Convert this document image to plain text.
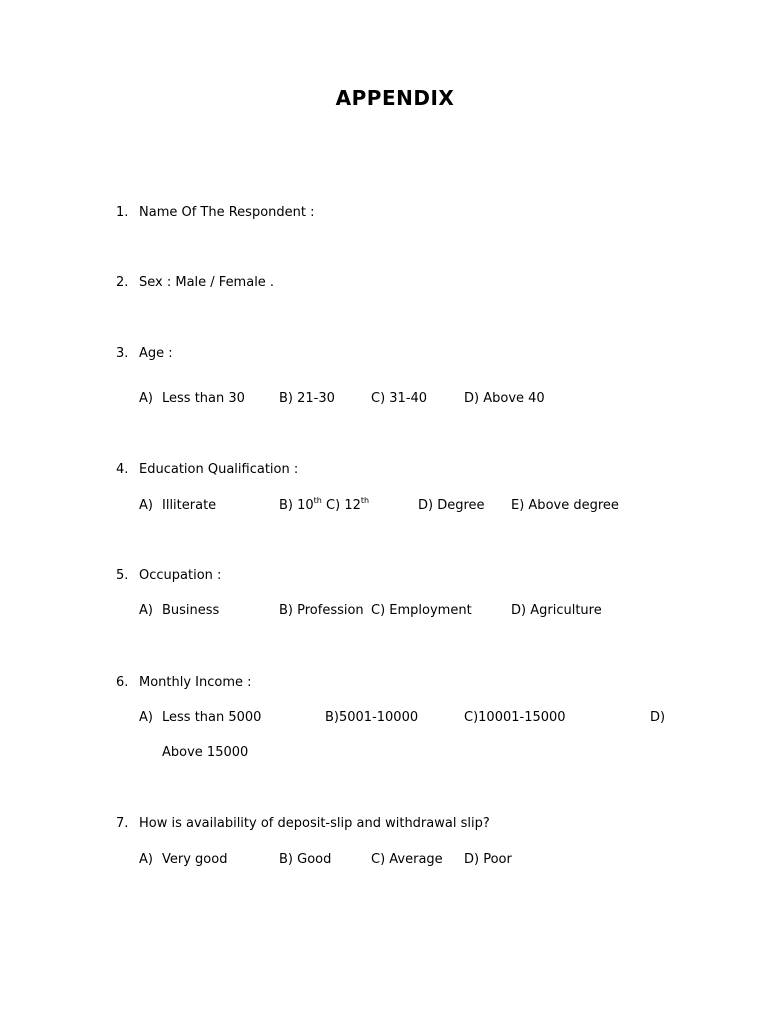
APPENDIX
1. Name Of The Respondent :
2. Sex : Male / Female .
3. Age :
A) Less than 30	B) 21-30	C) 31-40	D) Above 40
4. Education Qualification :
A) Illiterate	B) 10th C) 12th	D) Degree E) Above degree
5. Occupation :
A) Business	B) Profession C) Employment	D) Agriculture
6. Monthly Income :
A) Less than 5000	B)5001-10000	C)10001-15000	D)
Above 15000
7. How is availability of deposit-slip and withdrawal slip?
A) Very good	B) Good	C) Average D) Poor
